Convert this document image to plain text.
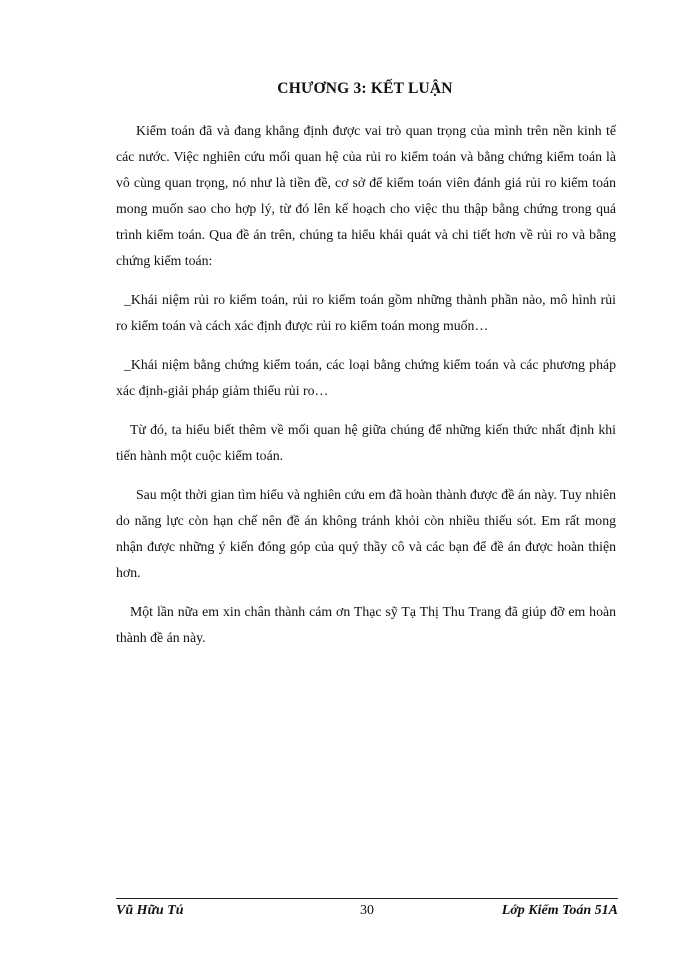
CHƯƠNG 3: KẾT LUẬN

Kiểm toán đã và đang khẳng định được vai trò quan trọng của mình trên nền kinh tế các nước. Việc nghiên cứu mối quan hệ của rủi ro kiểm toán và bằng chứng kiểm toán là vô cùng quan trọng, nó như là tiền đề, cơ sở để kiểm toán viên đánh giá rủi ro kiểm toán mong muốn sao cho hợp lý, từ đó lên kế hoạch cho việc thu thập bằng chứng trong quá trình kiểm toán. Qua đề án trên, chúng ta hiểu khái quát và chi tiết hơn về rủi ro và bằng chứng kiểm toán:

_Khái niệm rủi ro kiểm toán, rủi ro kiểm toán gồm những thành phần nào, mô hình rủi ro kiểm toán và cách xác định được rủi ro kiểm toán mong muốn…

_Khái niệm bằng chứng kiểm toán, các loại bằng chứng kiểm toán và các phương pháp xác định-giải pháp giảm thiểu rủi ro…

Từ đó, ta hiểu biết thêm về mối quan hệ giữa chúng để những kiến thức nhất định khi tiến hành một cuộc kiểm toán.

Sau một thời gian tìm hiểu và nghiên cứu em đã hoàn thành được đề án này. Tuy nhiên do năng lực còn hạn chế nên đề án không tránh khỏi còn nhiều thiếu sót. Em rất mong nhận được những ý kiến đóng góp của quý thầy cô và các bạn để đề án được hoàn thiện hơn.

Một lần nữa em xin chân thành cám ơn Thạc sỹ Tạ Thị Thu Trang đã giúp đỡ em hoàn thành đề án này.

Vũ Hữu Tú	30	Lớp Kiểm Toán 51A
